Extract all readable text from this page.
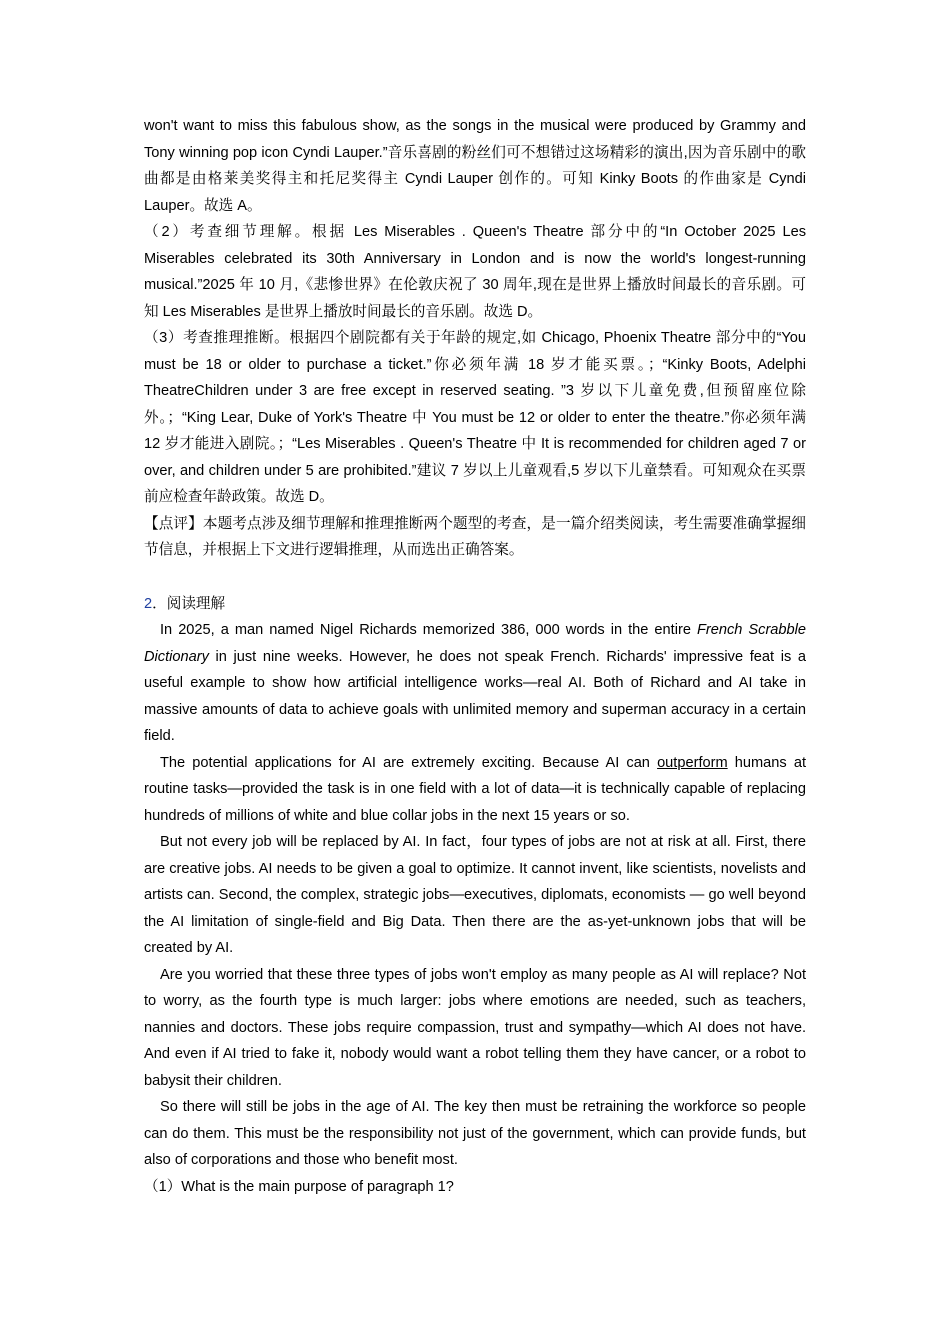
won't want to miss this fabulous show, as the songs in the musical were produced by Grammy and Tony winning pop icon Cyndi Lauper.”音乐喜剧的粉丝们可不想错过这场精彩的演出,因为音乐剧中的歌曲都是由格莱美奖得主和托尼奖得主 Cyndi Lauper 创作的。可知 Kinky Boots 的作曲家是 Cyndi Lauper。故选 A。

（2）考查细节理解。根据 Les Miserables . Queen's Theatre 部分中的“In October 2025 Les Miserables celebrated its 30th Anniversary in London and is now the world's longest-running musical.”2025 年 10 月,《悲惨世界》在伦敦庆祝了 30 周年,现在是世界上播放时间最长的音乐剧。可知 Les Miserables 是世界上播放时间最长的音乐剧。故选 D。

（3）考查推理推断。根据四个剧院都有关于年龄的规定,如 Chicago, Phoenix Theatre 部分中的“You must be 18 or older to purchase a ticket.”你必须年满 18 岁才能买票。；“Kinky Boots, Adelphi TheatreChildren under 3 are free except in reserved seating. ”3 岁以下儿童免费,但预留座位除外。；“King Lear, Duke of York's Theatre 中 You must be 12 or older to enter the theatre.”你必须年满 12 岁才能进入剧院。；“Les Miserables . Queen's Theatre 中 It is recommended for children aged 7 or over, and children under 5 are prohibited.”建议 7 岁以上儿童观看,5 岁以下儿童禁看。可知观众在买票前应检查年龄政策。故选 D。

【点评】本题考点涉及细节理解和推理推断两个题型的考查，是一篇介绍类阅读，考生需要准确掌握细节信息，并根据上下文进行逻辑推理，从而选出正确答案。

2．阅读理解

In 2025, a man named Nigel Richards memorized 386, 000 words in the entire French Scrabble Dictionary in just nine weeks. However, he does not speak French. Richards' impressive feat is a useful example to show how artificial intelligence works—real AI. Both of Richard and AI take in massive amounts of data to achieve goals with unlimited memory and superman accuracy in a certain field.

The potential applications for AI are extremely exciting. Because AI can outperform humans at routine tasks—provided the task is in one field with a lot of data—it is technically capable of replacing hundreds of millions of white and blue collar jobs in the next 15 years or so.

But not every job will be replaced by AI. In fact，four types of jobs are not at risk at all. First, there are creative jobs. AI needs to be given a goal to optimize. It cannot invent, like scientists, novelists and artists can. Second, the complex, strategic jobs—executives, diplomats, economists — go well beyond the AI limitation of single-field and Big Data. Then there are the as-yet-unknown jobs that will be created by AI.

Are you worried that these three types of jobs won't employ as many people as AI will replace? Not to worry, as the fourth type is much larger: jobs where emotions are needed, such as teachers, nannies and doctors. These jobs require compassion, trust and sympathy—which AI does not have. And even if AI tried to fake it, nobody would want a robot telling them they have cancer, or a robot to babysit their children.

So there will still be jobs in the age of AI. The key then must be retraining the workforce so people can do them. This must be the responsibility not just of the government, which can provide funds, but also of corporations and those who benefit most.

（1）What is the main purpose of paragraph 1?
